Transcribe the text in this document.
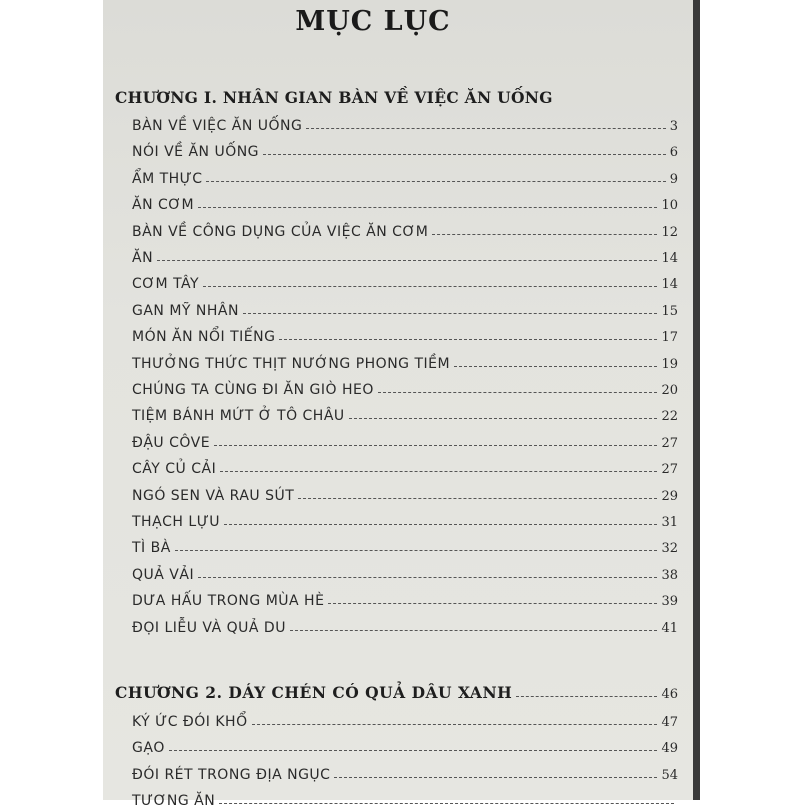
MỤC LỤC
CHƯƠNG I. NHÂN GIAN BÀN VỀ VIỆC ĂN UỐNG
BÀN VỀ VIỆC ĂN UỐNG	3
NÓI VỀ ĂN UỐNG	6
ẨM THỰC	9
ĂN CƠM	10
BÀN VỀ CÔNG DỤNG CỦA VIỆC ĂN CƠM	12
ĂN	14
CƠM TÂY	14
GAN MỸ NHÂN	15
MÓN ĂN NỔI TIẾNG	17
THƯỞNG THỨC THỊT NƯỚNG PHONG TIỀM	19
CHÚNG TA CÙNG ĐI ĂN GIÒ HEO	20
TIỆM BÁNH MỨT Ở TÔ CHÂU	22
ĐẬU CÔVE	27
CÂY CỦ CẢI	27
NGÓ SEN VÀ RAU SÚT	29
THẠCH LỰU	31
TÌ BÀ	32
QUẢ VẢI	38
DƯA HẤU TRONG MÙA HÈ	39
ĐỌI LIỄU VÀ QUẢ DU	41
CHƯƠNG 2. DÁY CHÉN CÓ QUẢ DÂU XANH	46
KÝ ỨC ĐÓI KHỔ	47
GẠO	49
ĐÓI RÉT TRONG ĐỊA NGỤC	54
TƯƠNG ĂN
